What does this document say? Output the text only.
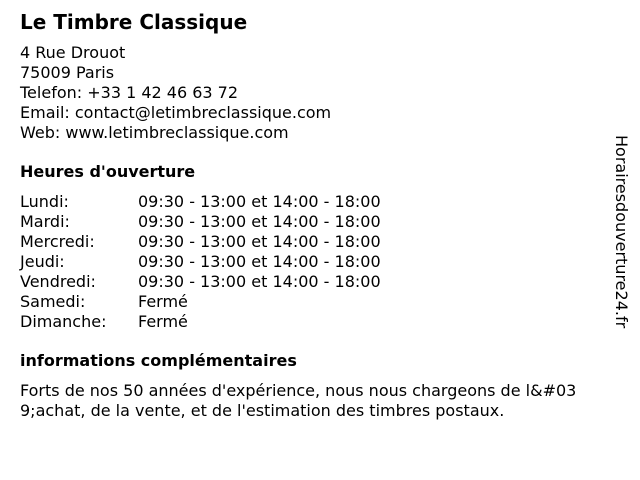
Le Timbre Classique
4 Rue Drouot
75009 Paris
Telefon: +33 1 42 46 63 72
Email: contact@letimbreclassique.com
Web: www.letimbreclassique.com
Heures d'ouverture
Lundi:	09:30 - 13:00 et 14:00 - 18:00
Mardi:	09:30 - 13:00 et 14:00 - 18:00
Mercredi:	09:30 - 13:00 et 14:00 - 18:00
Jeudi:	09:30 - 13:00 et 14:00 - 18:00
Vendredi:	09:30 - 13:00 et 14:00 - 18:00
Samedi:	Fermé
Dimanche: Fermé
informations complémentaires
Forts de nos 50 années d'expérience, nous nous chargeons de l&#039;achat, de la vente, et de l'estimation des timbres postaux.
Horairesdouverture24.fr
